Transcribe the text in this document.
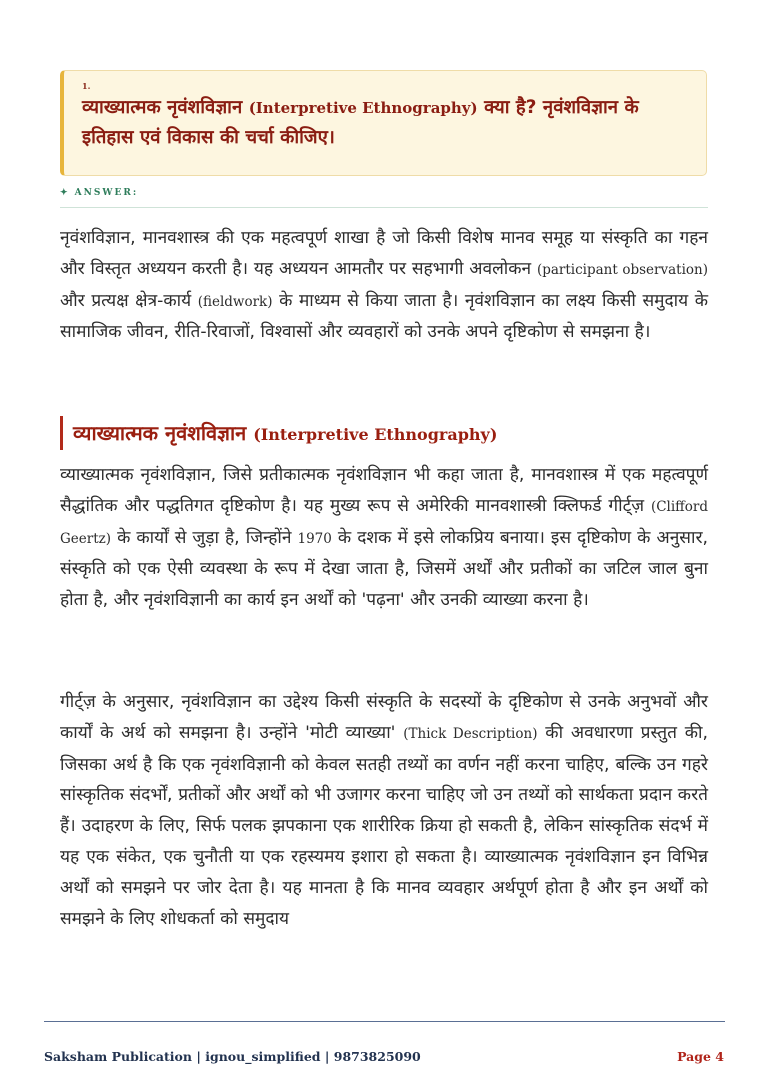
1.
व्याख्यात्मक नृवंशविज्ञान (Interpretive Ethnography) क्या है? नृवंशविज्ञान के इतिहास एवं विकास की चर्चा कीजिए।
✦ ANSWER:

नृवंशविज्ञान, मानवशास्त्र की एक महत्वपूर्ण शाखा है जो किसी विशेष मानव समूह या संस्कृति का गहन और विस्तृत अध्ययन करती है। यह अध्ययन आमतौर पर सहभागी अवलोकन (participant observation) और प्रत्यक्ष क्षेत्र-कार्य (fieldwork) के माध्यम से किया जाता है। नृवंशविज्ञान का लक्ष्य किसी समुदाय के सामाजिक जीवन, रीति-रिवाजों, विश्वासों और व्यवहारों को उनके अपने दृष्टिकोण से समझना है।

व्याख्यात्मक नृवंशविज्ञान (Interpretive Ethnography)

व्याख्यात्मक नृवंशविज्ञान, जिसे प्रतीकात्मक नृवंशविज्ञान भी कहा जाता है, मानवशास्त्र में एक महत्वपूर्ण सैद्धांतिक और पद्धतिगत दृष्टिकोण है। यह मुख्य रूप से अमेरिकी मानवशास्त्री क्लिफर्ड गीर्ट्ज़ (Clifford Geertz) के कार्यों से जुड़ा है, जिन्होंने 1970 के दशक में इसे लोकप्रिय बनाया। इस दृष्टिकोण के अनुसार, संस्कृति को एक ऐसी व्यवस्था के रूप में देखा जाता है, जिसमें अर्थों और प्रतीकों का जटिल जाल बुना होता है, और नृवंशविज्ञानी का कार्य इन अर्थों को 'पढ़ना' और उनकी व्याख्या करना है।

गीर्ट्ज़ के अनुसार, नृवंशविज्ञान का उद्देश्य किसी संस्कृति के सदस्यों के दृष्टिकोण से उनके अनुभवों और कार्यों के अर्थ को समझना है। उन्होंने 'मोटी व्याख्या' (Thick Description) की अवधारणा प्रस्तुत की, जिसका अर्थ है कि एक नृवंशविज्ञानी को केवल सतही तथ्यों का वर्णन नहीं करना चाहिए, बल्कि उन गहरे सांस्कृतिक संदर्भों, प्रतीकों और अर्थों को भी उजागर करना चाहिए जो उन तथ्यों को सार्थकता प्रदान करते हैं। उदाहरण के लिए, सिर्फ पलक झपकाना एक शारीरिक क्रिया हो सकती है, लेकिन सांस्कृतिक संदर्भ में यह एक संकेत, एक चुनौती या एक रहस्यमय इशारा हो सकता है। व्याख्यात्मक नृवंशविज्ञान इन विभिन्न अर्थों को समझने पर जोर देता है। यह मानता है कि मानव व्यवहार अर्थपूर्ण होता है और इन अर्थों को समझने के लिए शोधकर्ता को समुदाय

Saksham Publication | ignou_simplified | 9873825090	Page 4
